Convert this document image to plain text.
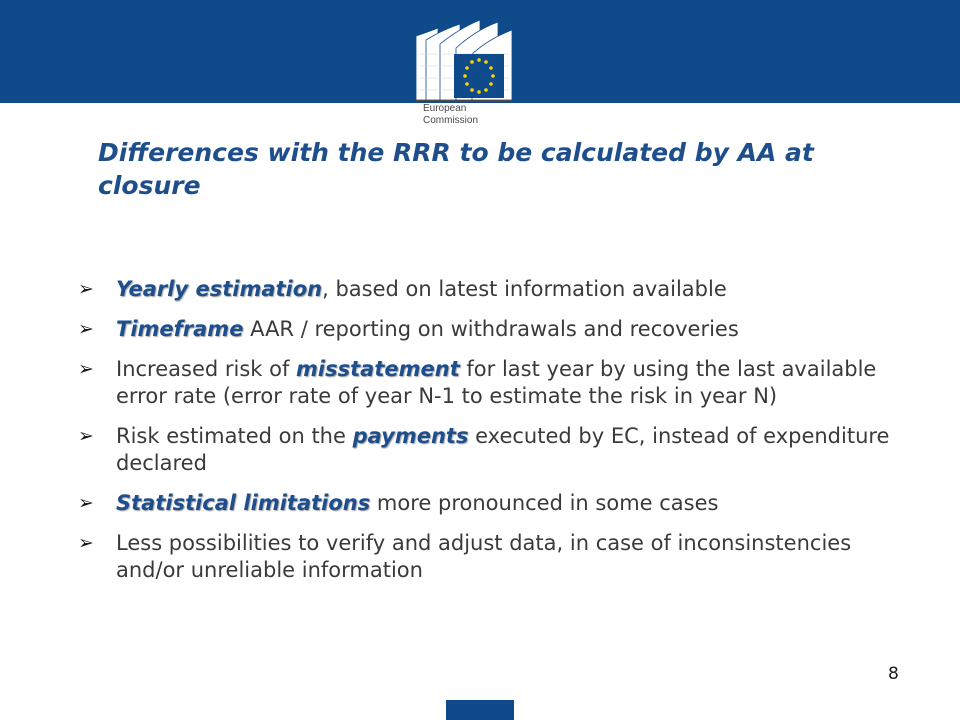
European
Commission
Differences with the RRR to be calculated by AA at closure
➢ Yearly estimation, based on latest information available
➢ Timeframe AAR / reporting on withdrawals and recoveries
➢ Increased risk of misstatement for last year by using the last available error rate (error rate of year N-1 to estimate the risk in year N)
➢ Risk estimated on the payments executed by EC, instead of expenditure declared
➢ Statistical limitations more pronounced in some cases
➢ Less possibilities to verify and adjust data, in case of inconsinstencies and/or unreliable information
8
